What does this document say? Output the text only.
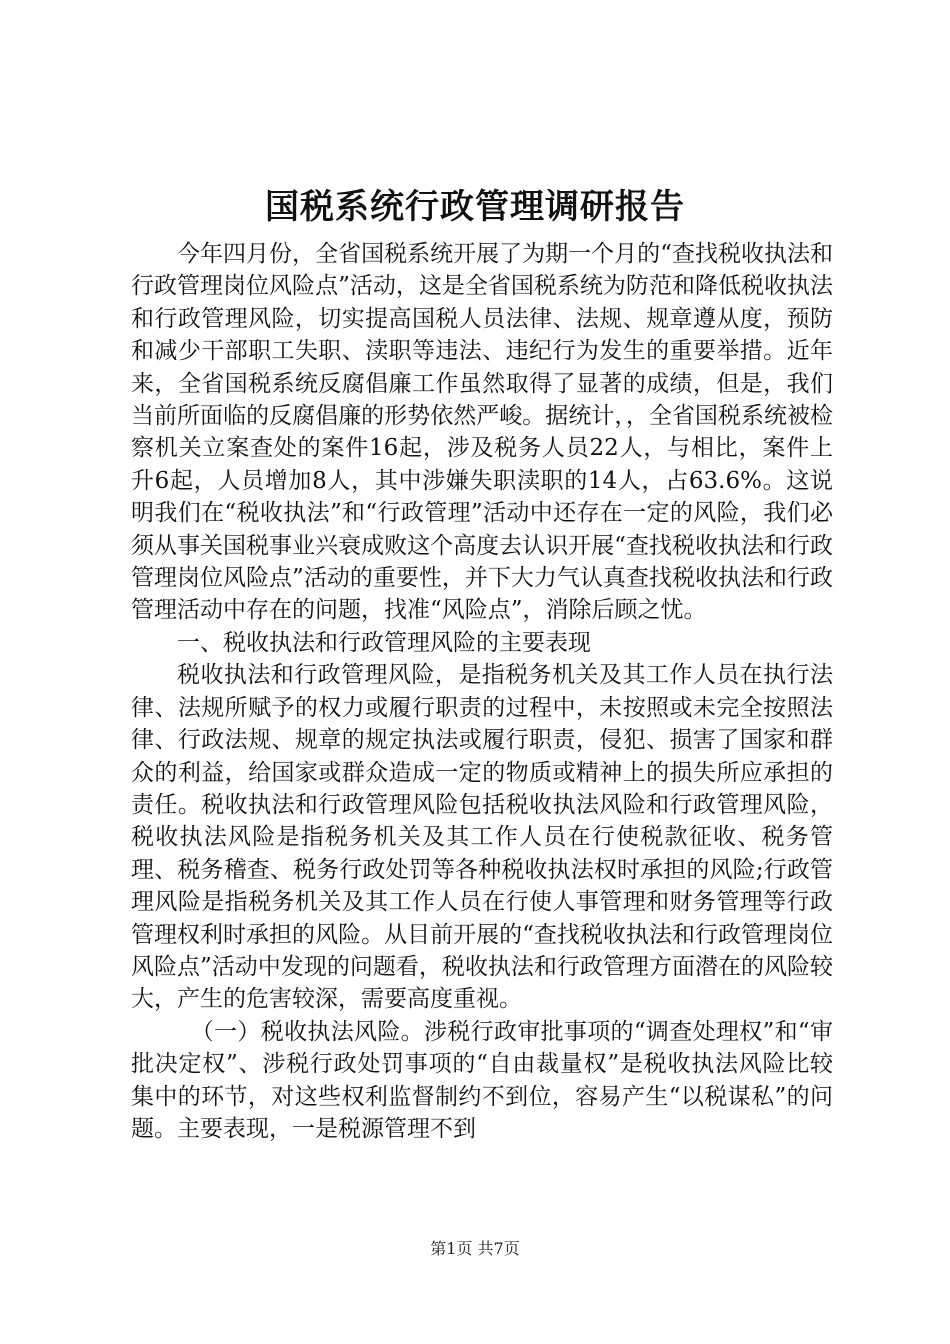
国税系统行政管理调研报告

今年四月份，全省国税系统开展了为期一个月的“查找税收执法和行政管理岗位风险点”活动，这是全省国税系统为防范和降低税收执法和行政管理风险，切实提高国税人员法律、法规、规章遵从度，预防和减少干部职工失职、渎职等违法、违纪行为发生的重要举措。近年来，全省国税系统反腐倡廉工作虽然取得了显著的成绩，但是，我们当前所面临的反腐倡廉的形势依然严峻。据统计，，全省国税系统被检察机关立案查处的案件16起，涉及税务人员22人，与相比，案件上升6起，人员增加8人，其中涉嫌失职渎职的14人，占63.6%。这说明我们在“税收执法”和“行政管理”活动中还存在一定的风险，我们必须从事关国税事业兴衰成败这个高度去认识开展“查找税收执法和行政管理岗位风险点”活动的重要性，并下大力气认真查找税收执法和行政管理活动中存在的问题，找准“风险点”，消除后顾之忧。

一、税收执法和行政管理风险的主要表现

税收执法和行政管理风险，是指税务机关及其工作人员在执行法律、法规所赋予的权力或履行职责的过程中，未按照或未完全按照法律、行政法规、规章的规定执法或履行职责，侵犯、损害了国家和群众的利益，给国家或群众造成一定的物质或精神上的损失所应承担的责任。税收执法和行政管理风险包括税收执法风险和行政管理风险，税收执法风险是指税务机关及其工作人员在行使税款征收、税务管理、税务稽查、税务行政处罚等各种税收执法权时承担的风险;行政管理风险是指税务机关及其工作人员在行使人事管理和财务管理等行政管理权利时承担的风险。从目前开展的“查找税收执法和行政管理岗位风险点”活动中发现的问题看，税收执法和行政管理方面潜在的风险较大，产生的危害较深，需要高度重视。

（一）税收执法风险。涉税行政审批事项的“调查处理权”和“审批决定权”、涉税行政处罚事项的“自由裁量权”是税收执法风险比较集中的环节，对这些权利监督制约不到位，容易产生“以税谋私”的问题。主要表现，一是税源管理不到

第1页 共7页
